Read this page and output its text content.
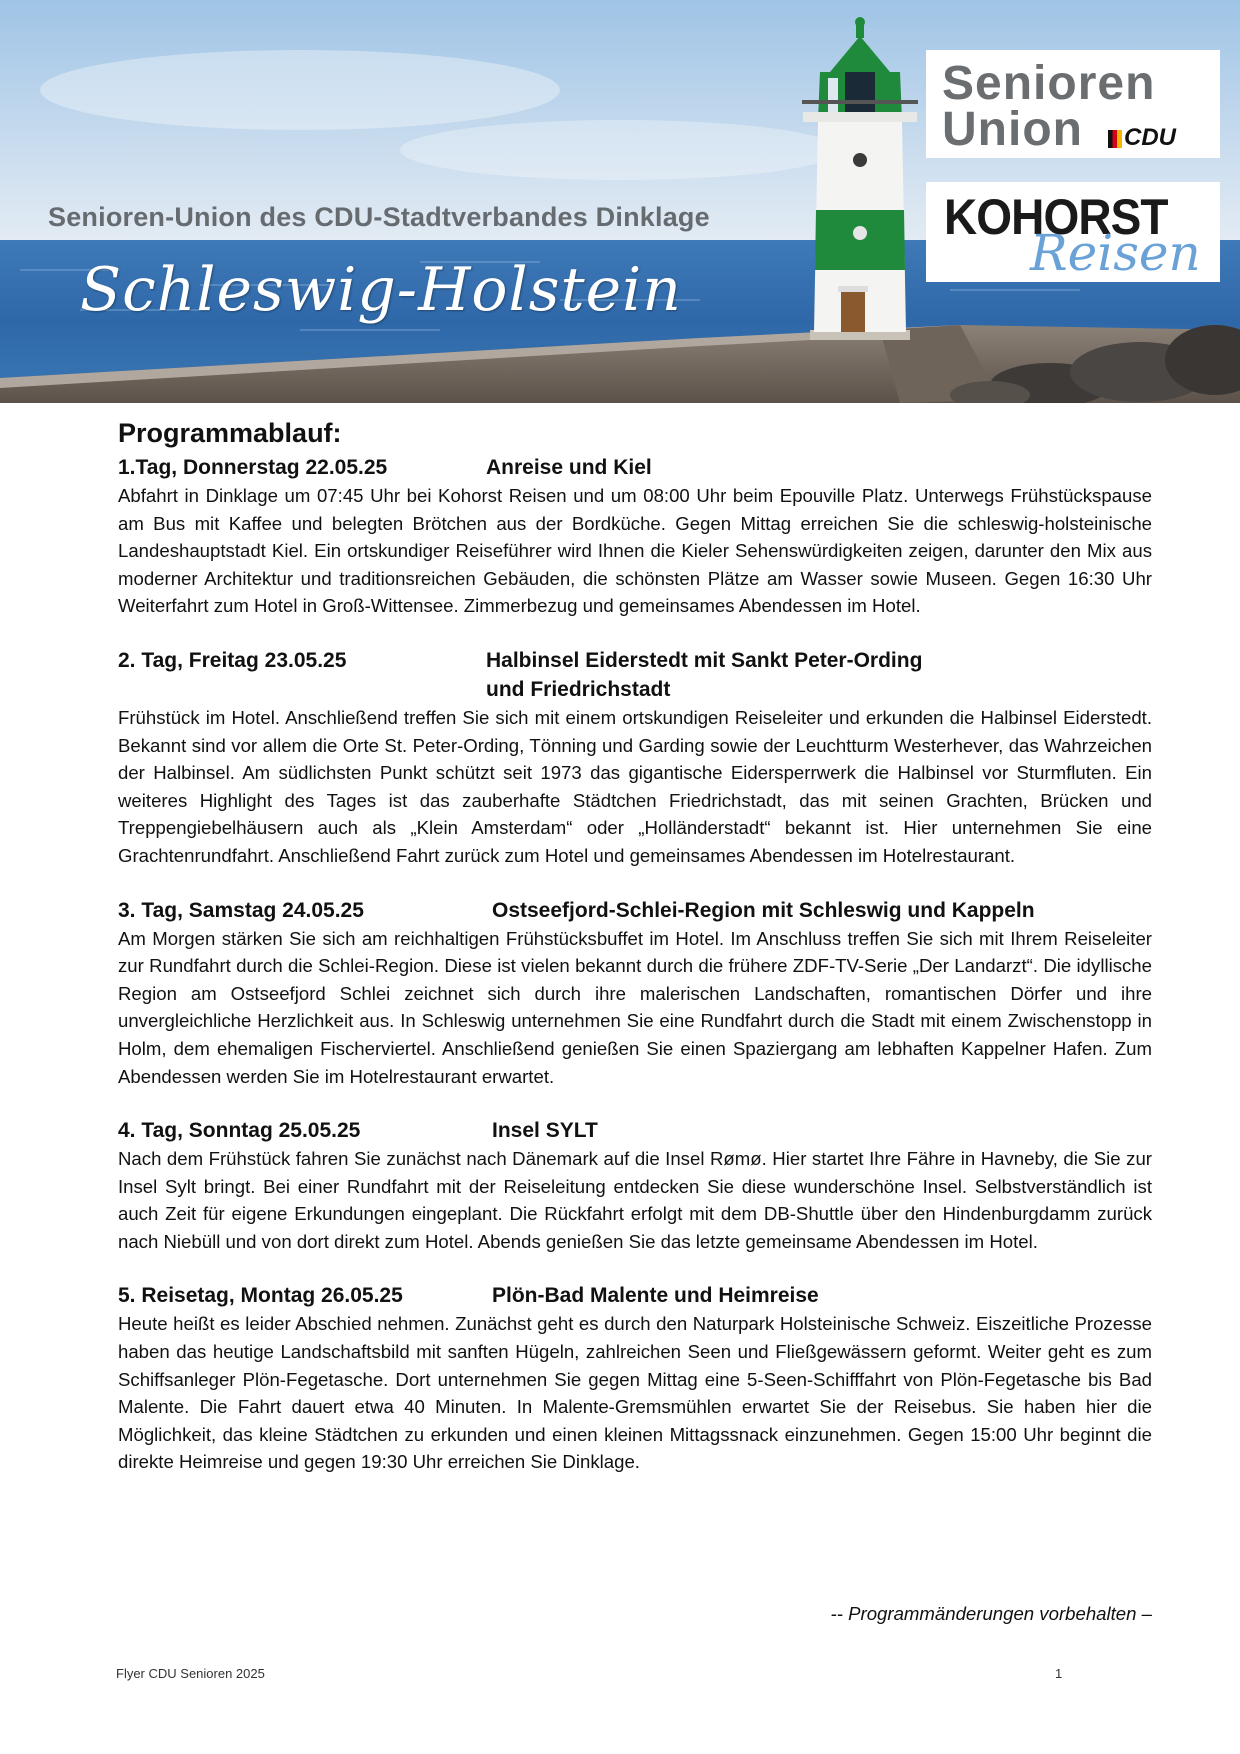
Senioren-Union des CDU-Stadtverbandes Dinklage
Schleswig-Holstein
Senioren
Union CDU
KOHORST
Reisen
Programmablauf:
1.Tag, Donnerstag 22.05.25	Anreise und Kiel

Abfahrt in Dinklage um 07:45 Uhr bei Kohorst Reisen und um 08:00 Uhr beim Epouville Platz. Unterwegs Frühstückspause am Bus mit Kaffee und belegten Brötchen aus der Bordküche. Gegen Mittag erreichen Sie die schleswig-holsteinische Landeshauptstadt Kiel. Ein ortskundiger Reiseführer wird Ihnen die Kieler Sehenswürdigkeiten zeigen, darunter den Mix aus moderner Architektur und traditionsreichen Gebäuden, die schönsten Plätze am Wasser sowie Museen. Gegen 16:30 Uhr Weiterfahrt zum Hotel in Groß-Wittensee. Zimmerbezug und gemeinsames Abendessen im Hotel.

2. Tag, Freitag 23.05.25	Halbinsel Eiderstedt mit Sankt Peter-Ording und Friedrichstadt

Frühstück im Hotel. Anschließend treffen Sie sich mit einem ortskundigen Reiseleiter und erkunden die Halbinsel Eiderstedt. Bekannt sind vor allem die Orte St. Peter-Ording, Tönning und Garding sowie der Leuchtturm Westerhever, das Wahrzeichen der Halbinsel. Am südlichsten Punkt schützt seit 1973 das gigantische Eidersperrwerk die Halbinsel vor Sturmfluten. Ein weiteres Highlight des Tages ist das zauberhafte Städtchen Friedrichstadt, das mit seinen Grachten, Brücken und Treppengiebelhäusern auch als „Klein Amsterdam“ oder „Holländerstadt“ bekannt ist. Hier unternehmen Sie eine Grachtenrundfahrt. Anschließend Fahrt zurück zum Hotel und gemeinsames Abendessen im Hotelrestaurant.

3. Tag, Samstag 24.05.25	Ostseefjord-Schlei-Region mit Schleswig und Kappeln

Am Morgen stärken Sie sich am reichhaltigen Frühstücksbuffet im Hotel. Im Anschluss treffen Sie sich mit Ihrem Reiseleiter zur Rundfahrt durch die Schlei-Region. Diese ist vielen bekannt durch die frühere ZDF-TV-Serie „Der Landarzt“. Die idyllische Region am Ostseefjord Schlei zeichnet sich durch ihre malerischen Landschaften, romantischen Dörfer und ihre unvergleichliche Herzlichkeit aus. In Schleswig unternehmen Sie eine Rundfahrt durch die Stadt mit einem Zwischenstopp in Holm, dem ehemaligen Fischerviertel. Anschließend genießen Sie einen Spaziergang am lebhaften Kappelner Hafen. Zum Abendessen werden Sie im Hotelrestaurant erwartet.

4. Tag, Sonntag 25.05.25	Insel SYLT

Nach dem Frühstück fahren Sie zunächst nach Dänemark auf die Insel Rømø. Hier startet Ihre Fähre in Havneby, die Sie zur Insel Sylt bringt. Bei einer Rundfahrt mit der Reiseleitung entdecken Sie diese wunderschöne Insel. Selbstverständlich ist auch Zeit für eigene Erkundungen eingeplant. Die Rückfahrt erfolgt mit dem DB-Shuttle über den Hindenburgdamm zurück nach Niebüll und von dort direkt zum Hotel. Abends genießen Sie das letzte gemeinsame Abendessen im Hotel.

5. Reisetag, Montag 26.05.25	Plön-Bad Malente und Heimreise

Heute heißt es leider Abschied nehmen. Zunächst geht es durch den Naturpark Holsteinische Schweiz. Eiszeitliche Prozesse haben das heutige Landschaftsbild mit sanften Hügeln, zahlreichen Seen und Fließgewässern geformt. Weiter geht es zum Schiffsanleger Plön-Fegetasche. Dort unternehmen Sie gegen Mittag eine 5-Seen-Schifffahrt von Plön-Fegetasche bis Bad Malente. Die Fahrt dauert etwa 40 Minuten. In Malente-Gremsmühlen erwartet Sie der Reisebus. Sie haben hier die Möglichkeit, das kleine Städtchen zu erkunden und einen kleinen Mittagssnack einzunehmen. Gegen 15:00 Uhr beginnt die direkte Heimreise und gegen 19:30 Uhr erreichen Sie Dinklage.

-- Programmänderungen vorbehalten –
Flyer CDU Senioren 2025	1
